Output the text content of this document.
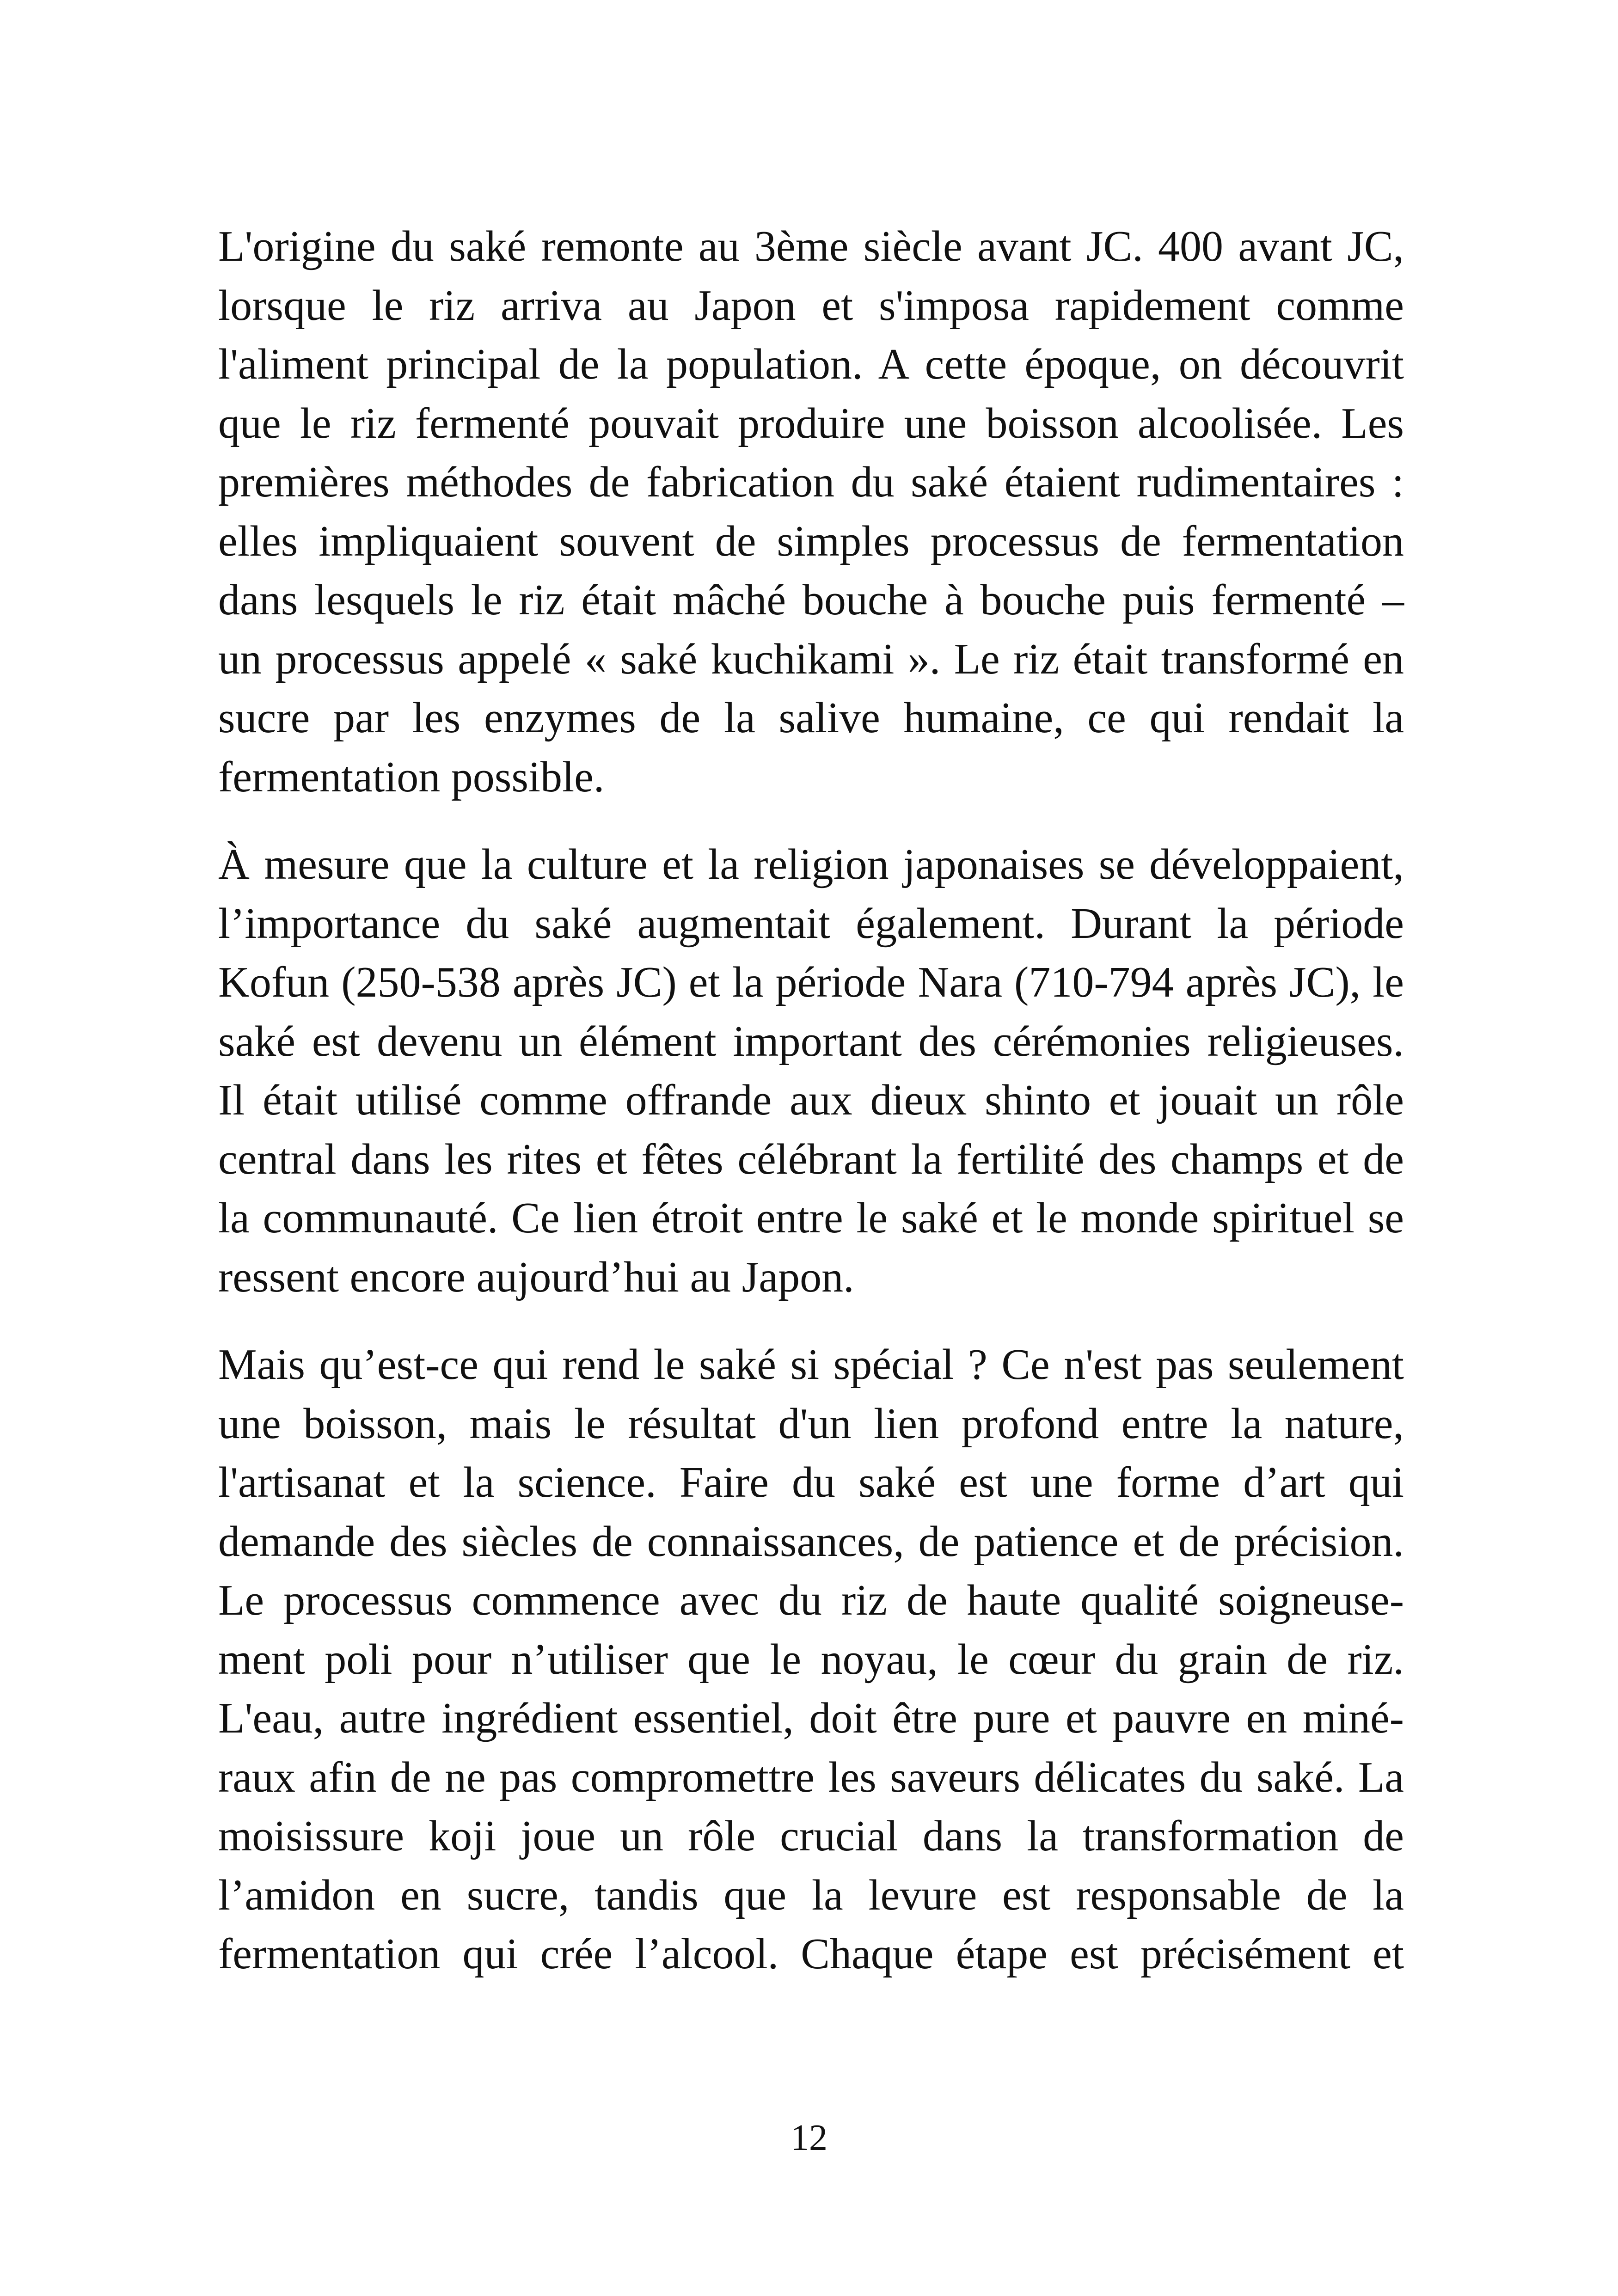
L'origine du saké remonte au 3ème siècle avant JC. 400 avant JC,
lorsque le riz arriva au Japon et s'imposa rapidement comme
l'aliment principal de la population. A cette époque, on découvrit
que le riz fermenté pouvait produire une boisson alcoolisée. Les
premières méthodes de fabrication du saké étaient rudimentaires :
elles impliquaient souvent de simples processus de fermentation
dans lesquels le riz était mâché bouche à bouche puis fermenté –
un processus appelé « saké kuchikami ». Le riz était transformé en
sucre par les enzymes de la salive humaine, ce qui rendait la
fermentation possible.
À mesure que la culture et la religion japonaises se développaient,
l’importance du saké augmentait également. Durant la période
Kofun (250-538 après JC) et la période Nara (710-794 après JC), le
saké est devenu un élément important des cérémonies religieuses.
Il était utilisé comme offrande aux dieux shinto et jouait un rôle
central dans les rites et fêtes célébrant la fertilité des champs et de
la communauté. Ce lien étroit entre le saké et le monde spirituel se
ressent encore aujourd’hui au Japon.
Mais qu’est-ce qui rend le saké si spécial ? Ce n'est pas seulement
une boisson, mais le résultat d'un lien profond entre la nature,
l'artisanat et la science. Faire du saké est une forme d’art qui
demande des siècles de connaissances, de patience et de précision.
Le processus commence avec du riz de haute qualité soigneuse-
ment poli pour n’utiliser que le noyau, le cœur du grain de riz.
L'eau, autre ingrédient essentiel, doit être pure et pauvre en miné-
raux afin de ne pas compromettre les saveurs délicates du saké. La
moisissure koji joue un rôle crucial dans la transformation de
l’amidon en sucre, tandis que la levure est responsable de la
fermentation qui crée l’alcool. Chaque étape est précisément et
12
